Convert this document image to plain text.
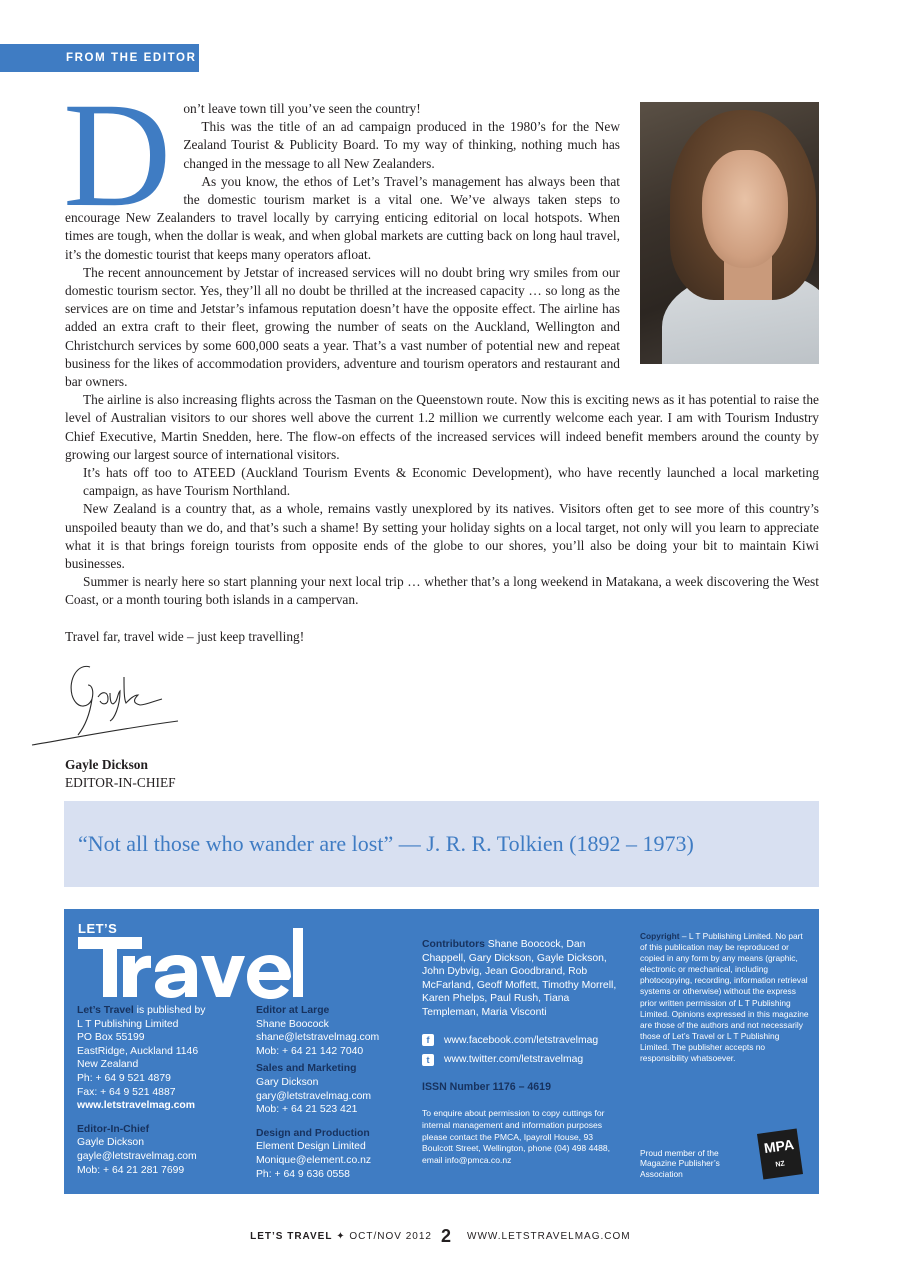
FROM THE EDITOR
D on’t leave town till you’ve seen the country!

This was the title of an ad campaign produced in the 1980’s for the New Zealand Tourist & Publicity Board. To my way of thinking, nothing much has changed in the message to all New Zealanders.

As you know, the ethos of Let’s Travel’s management has always been that the domestic tourism market is a vital one. We’ve always taken steps to encourage New Zealanders to travel locally by carrying enticing editorial on local hotspots. When times are tough, when the dollar is weak, and when global markets are cutting back on long haul travel, it’s the domestic tourist that keeps many operators afloat.

The recent announcement by Jetstar of increased services will no doubt bring wry smiles from our domestic tourism sector. Yes, they’ll all no doubt be thrilled at the increased capacity … so long as the services are on time and Jetstar’s infamous reputation doesn’t have the opposite effect. The airline has added an extra craft to their fleet, growing the number of seats on the Auckland, Wellington and Christchurch services by some 600,000 seats a year. That’s a vast number of potential new and repeat business for the likes of accommodation providers, adventure and tourism operators and restaurant and bar owners.

The airline is also increasing flights across the Tasman on the Queenstown route. Now this is exciting news as it has potential to raise the level of Australian visitors to our shores well above the current 1.2 million we currently welcome each year. I am with Tourism Industry Chief Executive, Martin Snedden, here. The flow-on effects of the increased services will indeed benefit members around the county by growing our largest source of international visitors.

It’s hats off too to ATEED (Auckland Tourism Events & Economic Development), who have recently launched a local marketing campaign, as have Tourism Northland.

New Zealand is a country that, as a whole, remains vastly unexplored by its natives. Visitors often get to see more of this country’s unspoiled beauty than we do, and that’s such a shame! By setting your holiday sights on a local target, not only will you learn to appreciate what it is that brings foreign tourists from opposite ends of the globe to our shores, you’ll also be doing your bit to maintain Kiwi businesses.

Summer is nearly here so start planning your next local trip … whether that’s a long weekend in Matakana, a week discovering the West Coast, or a month touring both islands in a campervan.

Travel far, travel wide – just keep travelling!

Gayle Dickson
EDITOR-IN-CHIEF
“Not all those who wander are lost” — J. R. R. Tolkien (1892 – 1973)
LET’S
Let’s Travel is published by
L T Publishing Limited
PO Box 55199
EastRidge, Auckland 1146
New Zealand
Ph: + 64 9 521 4879
Fax: + 64 9 521 4887
www.letstravelmag.com
Editor-In-Chief
Gayle Dickson
gayle@letstravelmag.com
Mob: + 64 21 281 7699
Editor at Large
Shane Boocock
shane@letstravelmag.com
Mob: + 64 21 142 7040
Sales and Marketing
Gary Dickson
gary@letstravelmag.com
Mob: + 64 21 523 421
Design and Production
Element Design Limited
Monique@element.co.nz
Ph: + 64 9 636 0558
Contributors Shane Boocock, Dan Chappell, Gary Dickson, Gayle Dickson, John Dybvig, Jean Goodbrand, Rob McFarland, Geoff Moffett, Timothy Morrell, Karen Phelps, Paul Rush, Tiana Templeman, Maria Visconti
f	www.facebook.com/letstravelmag
t	www.twitter.com/letstravelmag
ISSN Number 1176 – 4619
To enquire about permission to copy cuttings for internal management and information purposes please contact the PMCA, Ipayroll House, 93 Boulcott Street, Wellington, phone (04) 498 4488, email info@pmca.co.nz
Copyright – L T Publishing Limited. No part of this publication may be reproduced or copied in any form by any means (graphic, electronic or mechanical, including photocopying, recording, information retrieval systems or otherwise) without the express prior written permission of L T Publishing Limited. Opinions expressed in this magazine are those of the authors and not necessarily those of Let’s Travel or L T Publishing Limited. The publisher accepts no responsibility whatsoever.
Proud member of the Magazine Publisher’s Association
MPA
NZ
LET’S TRAVEL ✦ OCT/NOV 2012 2 WWW.LETSTRAVELMAG.COM
